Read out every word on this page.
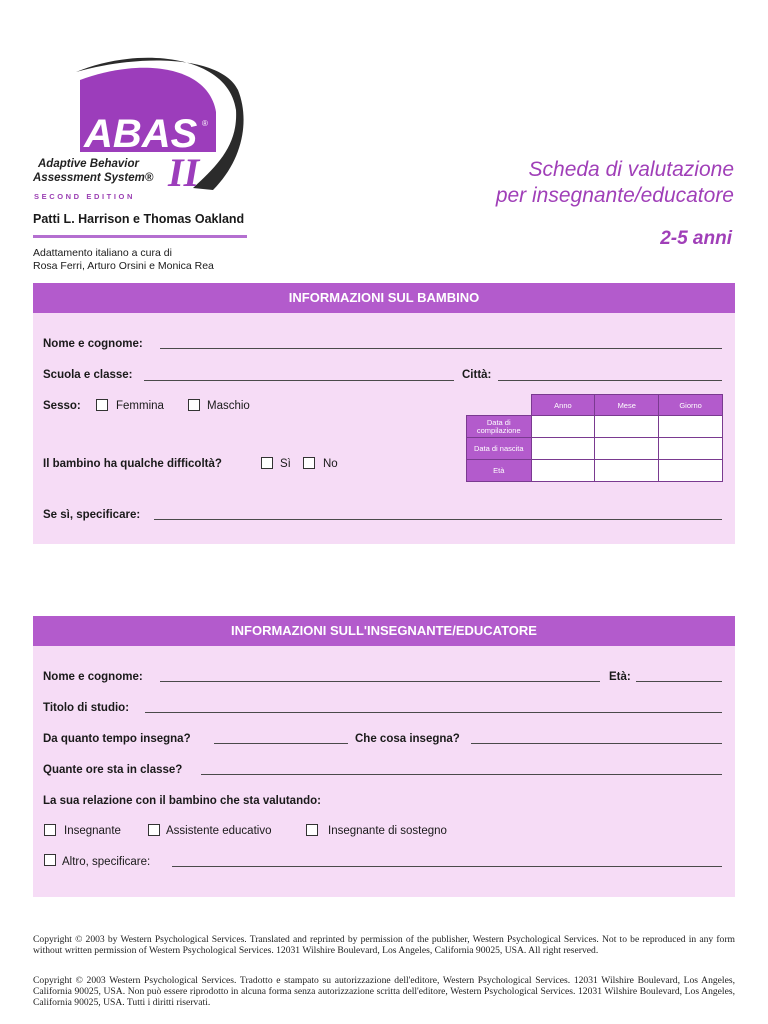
ABAS ®
II
Adaptive Behavior
Assessment System®
SECOND EDITION
Patti L. Harrison e Thomas Oakland
Adattamento italiano a cura di
Rosa Ferri, Arturo Orsini e Monica Rea
Scheda di valutazione
per insegnante/educatore
2-5 anni
INFORMAZIONI SUL BAMBINO
Nome e cognome:
Scuola e classe:	Città:
Sesso:	Femmina	Maschio
		Anno	Mese	Giorno
Data di compilazione			
Data di nascita			
Età			
Il bambino ha qualche difficoltà?	Sì	No
Se sì, specificare:
INFORMAZIONI SULL'INSEGNANTE/EDUCATORE
Nome e cognome:	Età:
Titolo di studio:
Da quanto tempo insegna?	Che cosa insegna?
Quante ore sta in classe?
La sua relazione con il bambino che sta valutando:
Insegnante	Assistente educativo	Insegnante di sostegno
Altro, specificare:
Copyright © 2003 by Western Psychological Services. Translated and reprinted by permission of the publisher, Western Psychological Services. Not to be reproduced in any form without written permission of Western Psychological Services. 12031 Wilshire Boulevard, Los Angeles, California 90025, USA. All right reserved.
Copyright © 2003 Western Psychological Services. Tradotto e stampato su autorizzazione dell'editore, Western Psychological Services. 12031 Wilshire Boulevard, Los Angeles, California 90025, USA. Non può essere riprodotto in alcuna forma senza autorizzazione scritta dell'editore, Western Psychological Services. 12031 Wilshire Boulevard, Los Angeles, California 90025, USA. Tutti i diritti riservati.
